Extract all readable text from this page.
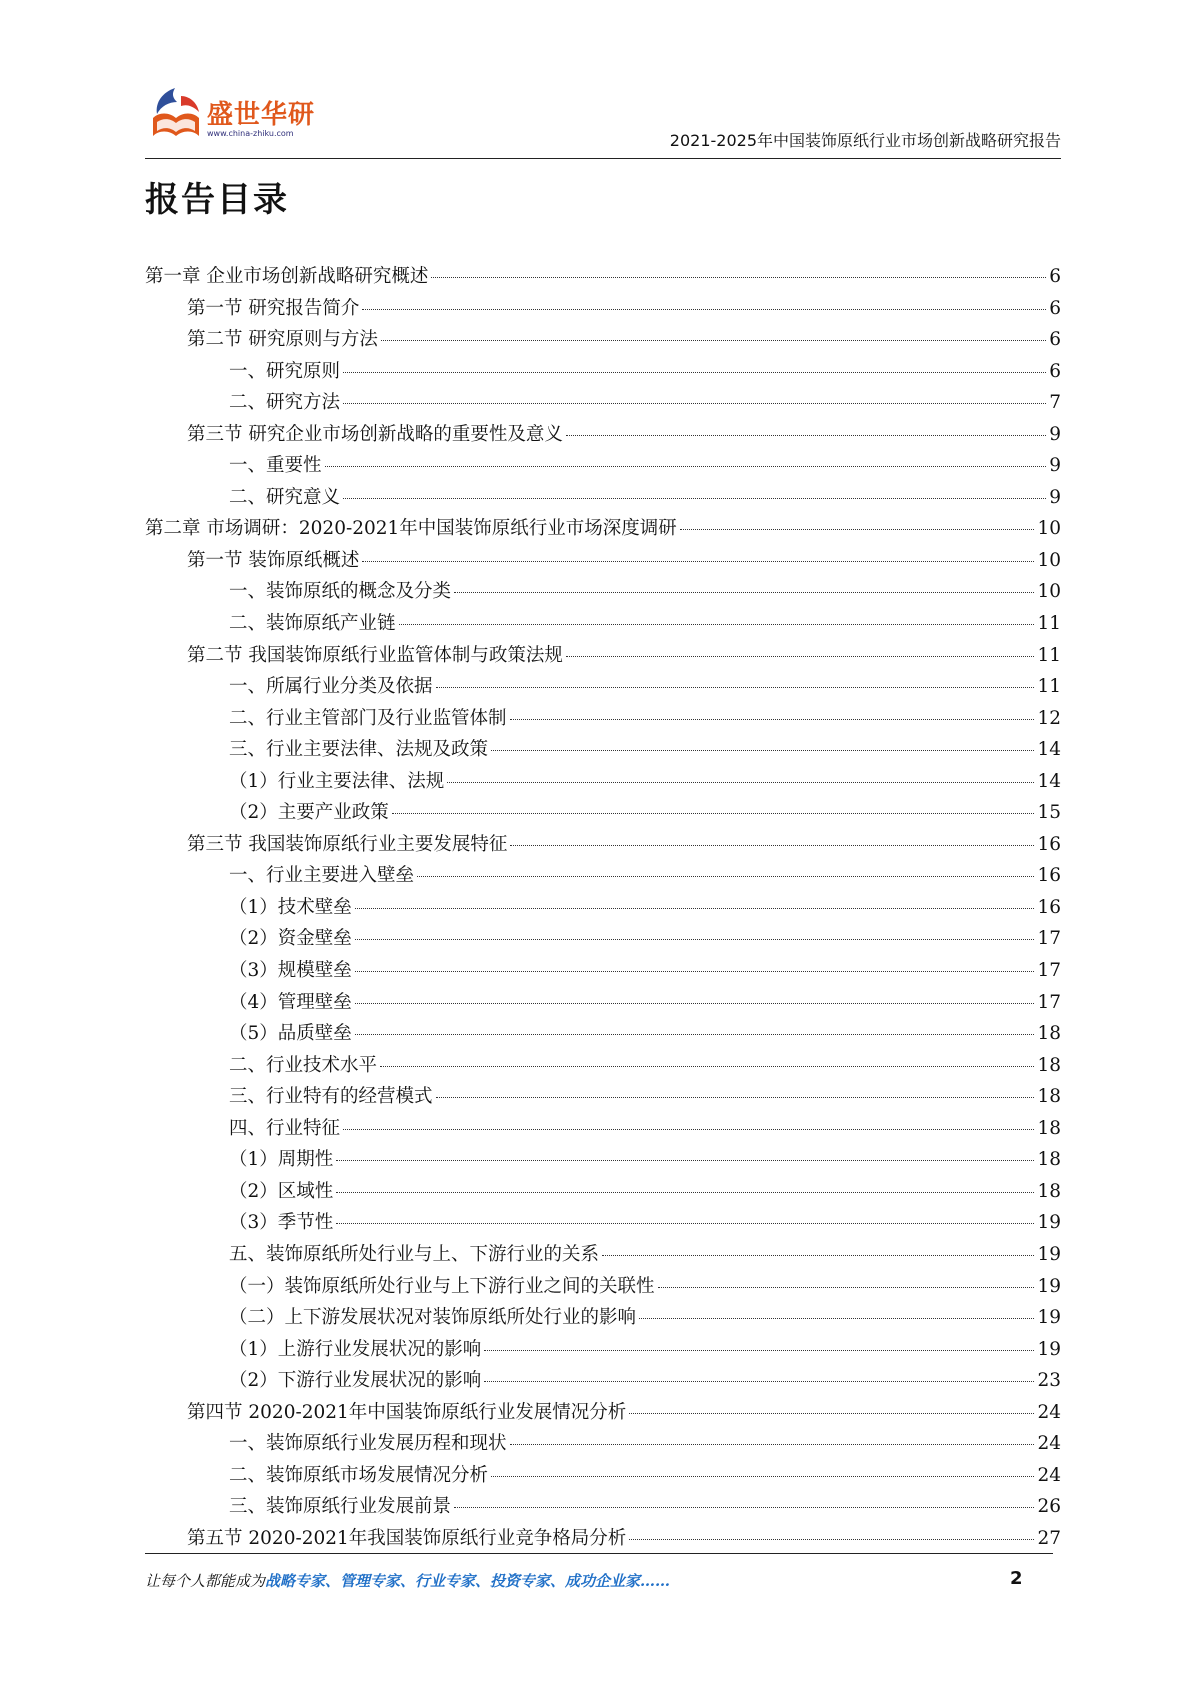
盛世华研
www.china-zhiku.com	2021-2025年中国装饰原纸行业市场创新战略研究报告
报告目录
第一章 企业市场创新战略研究概述	6
第一节 研究报告简介	6
第二节 研究原则与方法	6
一、研究原则	6
二、研究方法	7
第三节 研究企业市场创新战略的重要性及意义	9
一、重要性	9
二、研究意义	9
第二章 市场调研：2020-2021年中国装饰原纸行业市场深度调研	10
第一节 装饰原纸概述	10
一、装饰原纸的概念及分类	10
二、装饰原纸产业链	11
第二节 我国装饰原纸行业监管体制与政策法规	11
一、所属行业分类及依据	11
二、行业主管部门及行业监管体制	12
三、行业主要法律、法规及政策	14
（1）行业主要法律、法规	14
（2）主要产业政策	15
第三节 我国装饰原纸行业主要发展特征	16
一、行业主要进入壁垒	16
（1）技术壁垒	16
（2）资金壁垒	17
（3）规模壁垒	17
（4）管理壁垒	17
（5）品质壁垒	18
二、行业技术水平	18
三、行业特有的经营模式	18
四、行业特征	18
（1）周期性	18
（2）区域性	18
（3）季节性	19
五、装饰原纸所处行业与上、下游行业的关系	19
（一）装饰原纸所处行业与上下游行业之间的关联性	19
（二）上下游发展状况对装饰原纸所处行业的影响	19
（1）上游行业发展状况的影响	19
（2）下游行业发展状况的影响	23
第四节 2020-2021年中国装饰原纸行业发展情况分析	24
一、装饰原纸行业发展历程和现状	24
二、装饰原纸市场发展情况分析	24
三、装饰原纸行业发展前景	26
第五节 2020-2021年我国装饰原纸行业竞争格局分析	27
让每个人都能成为战略专家、管理专家、行业专家、投资专家、成功企业家……	2
